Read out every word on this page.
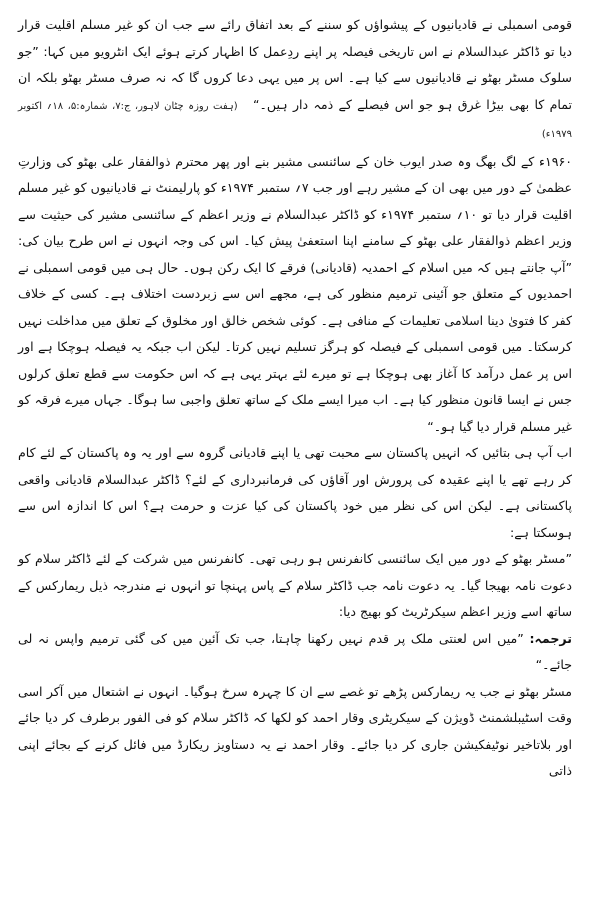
قومی اسمبلی نے قادیانیوں کے پیشواؤں کو سننے کے بعد اتفاق رائے سے جب ان کو غیر مسلم اقلیت قرار دیا تو ڈاکٹر عبدالسلام نے اس تاریخی فیصلہ پر اپنے ردِعمل کا اظہار کرتے ہوئے ایک انٹرویو میں کہا: ”جو سلوک مسٹر بھٹو نے قادیانیوں سے کیا ہے۔ اس پر میں یہی دعا کروں گا کہ نہ صرف مسٹر بھٹو بلکہ ان تمام کا بھی بیڑا غرق ہو جو اس فیصلے کے ذمہ دار ہیں۔“ (ہفت روزہ چٹان لاہور، ج:۷، شمارہ:۵، ۱۸؍ اکتوبر ۱۹۷۹ء)

۱۹۶۰ء کے لگ بھگ وہ صدر ایوب خان کے سائنسی مشیر بنے اور پھر محترم ذوالفقار علی بھٹو کی وزارتِ عظمیٰ کے دور میں بھی ان کے مشیر رہے اور جب ۷؍ ستمبر ۱۹۷۴ء کو پارلیمنٹ نے قادیانیوں کو غیر مسلم اقلیت قرار دیا تو ۱۰؍ ستمبر ۱۹۷۴ء کو ڈاکٹر عبدالسلام نے وزیر اعظم کے سائنسی مشیر کی حیثیت سے وزیر اعظم ذوالفقار علی بھٹو کے سامنے اپنا استعفیٰ پیش کیا۔ اس کی وجہ انہوں نے اس طرح بیان کی: ”آپ جانتے ہیں کہ میں اسلام کے احمدیہ (قادیانی) فرقے کا ایک رکن ہوں۔ حال ہی میں قومی اسمبلی نے احمدیوں کے متعلق جو آئینی ترمیم منظور کی ہے، مجھے اس سے زبردست اختلاف ہے۔ کسی کے خلاف کفر کا فتویٰ دینا اسلامی تعلیمات کے منافی ہے۔ کوئی شخص خالق اور مخلوق کے تعلق میں مداخلت نہیں کرسکتا۔ میں قومی اسمبلی کے فیصلہ کو ہرگز تسلیم نہیں کرتا۔ لیکن اب جبکہ یہ فیصلہ ہوچکا ہے اور اس پر عمل درآمد کا آغاز بھی ہوچکا ہے تو میرے لئے بہتر یہی ہے کہ اس حکومت سے قطع تعلق کرلوں جس نے ایسا قانون منظور کیا ہے۔ اب میرا ایسے ملک کے ساتھ تعلق واجبی سا ہوگا۔ جہاں میرے فرقہ کو غیر مسلم قرار دیا گیا ہو۔“

اب آپ ہی بتائیں کہ انہیں پاکستان سے محبت تھی یا اپنے قادیانی گروہ سے اور یہ وہ پاکستان کے لئے کام کر رہے تھے یا اپنے عقیدہ کی پرورش اور آقاؤں کی فرمانبرداری کے لئے؟ ڈاکٹر عبدالسلام قادیانی واقعی پاکستانی ہے۔ لیکن اس کی نظر میں خود پاکستان کی کیا عزت و حرمت ہے؟ اس کا اندازہ اس سے ہوسکتا ہے:

”مسٹر بھٹو کے دور میں ایک سائنسی کانفرنس ہو رہی تھی۔ کانفرنس میں شرکت کے لئے ڈاکٹر سلام کو دعوت نامہ بھیجا گیا۔ یہ دعوت نامہ جب ڈاکٹر سلام کے پاس پہنچا تو انہوں نے مندرجہ ذیل ریمارکس کے ساتھ اسے وزیر اعظم سیکرٹریٹ کو بھیج دیا:

ترجمہ: ”میں اس لعنتی ملک پر قدم نہیں رکھنا چاہتا، جب تک آئین میں کی گئی ترمیم واپس نہ لی جائے۔“

مسٹر بھٹو نے جب یہ ریمارکس پڑھے تو غصے سے ان کا چہرہ سرخ ہوگیا۔ انہوں نے اشتعال میں آکر اسی وقت اسٹیبلشمنٹ ڈویژن کے سیکریٹری وقار احمد کو لکھا کہ ڈاکٹر سلام کو فی الفور برطرف کر دیا جائے اور بلاتاخیر نوٹیفکیشن جاری کر دیا جائے۔ وقار احمد نے یہ دستاویز ریکارڈ میں فائل کرنے کے بجائے اپنی ذاتی
